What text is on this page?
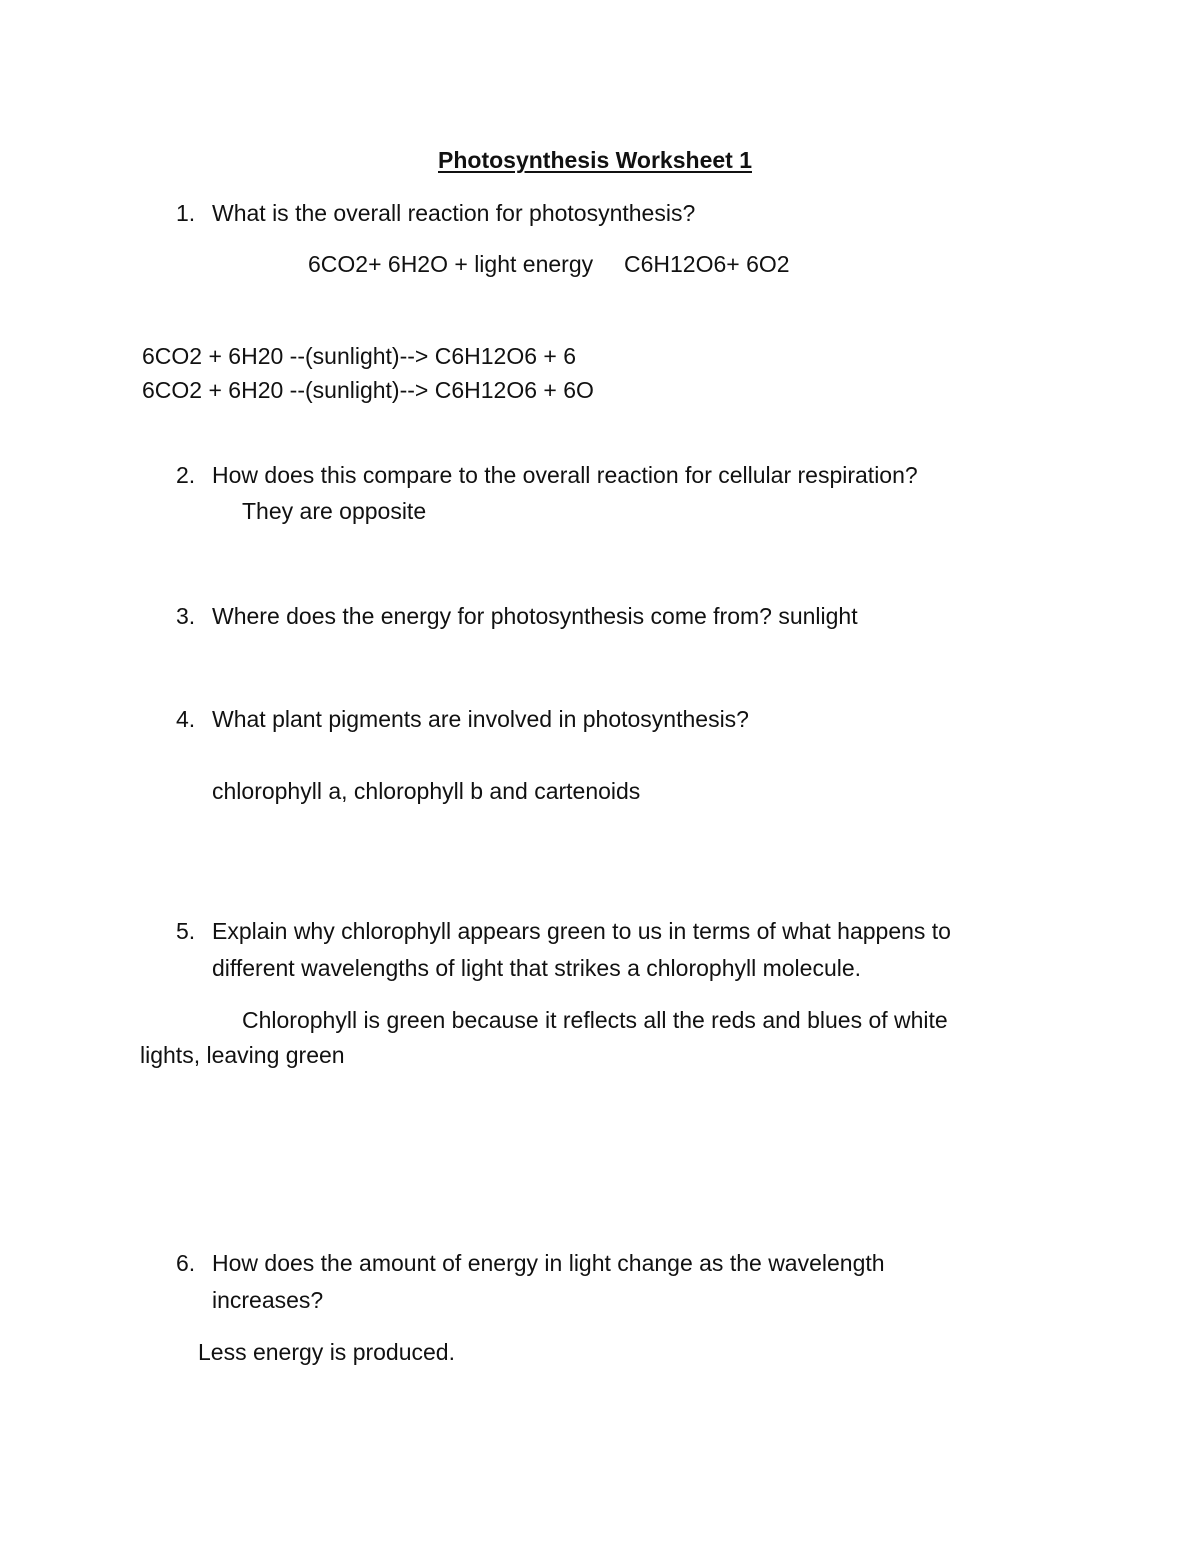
Photosynthesis Worksheet 1
1. What is the overall reaction for photosynthesis?
6CO2+ 6H2O + light energy C6H12O6+ 6O2
6CO2 + 6H20 --(sunlight)--> C6H12O6 + 6
6CO2 + 6H20 --(sunlight)--> C6H12O6 + 6O
2. How does this compare to the overall reaction for cellular respiration?
They are opposite
3. Where does the energy for photosynthesis come from? sunlight
4. What plant pigments are involved in photosynthesis?
chlorophyll a, chlorophyll b and cartenoids
5. Explain why chlorophyll appears green to us in terms of what happens to
different wavelengths of light that strikes a chlorophyll molecule.
Chlorophyll is green because it reflects all the reds and blues of white
lights, leaving green
6. How does the amount of energy in light change as the wavelength
increases?
Less energy is produced.
